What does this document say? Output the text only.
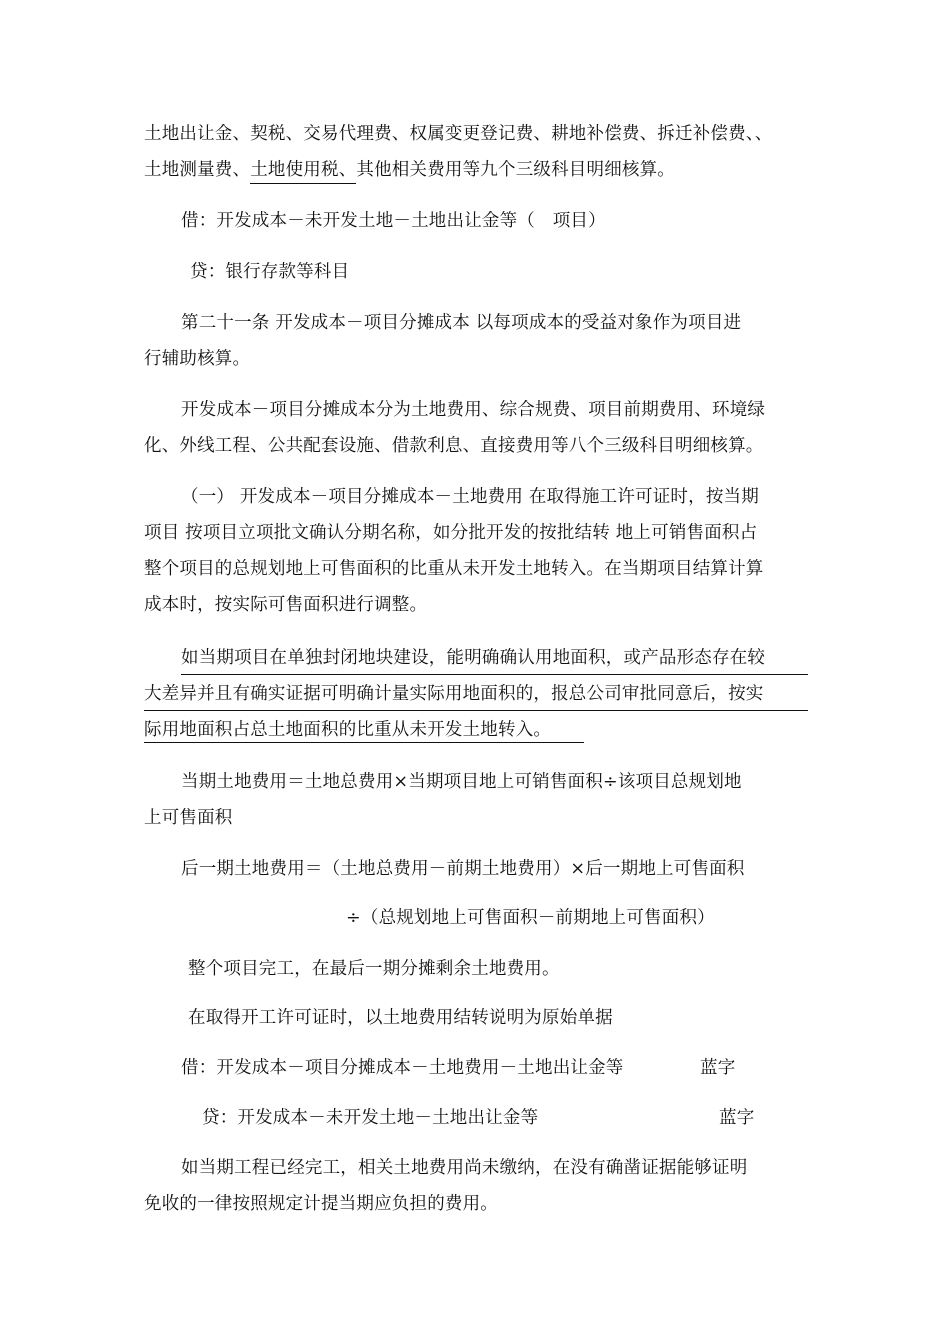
土地出让金、契税、交易代理费、权属变更登记费、耕地补偿费、拆迁补偿费、、
土地测量费、土地使用税、其他相关费用等九个三级科目明细核算。
借：开发成本－未开发土地－土地出让金等（　项目）
贷：银行存款等科目
第二十一条 开发成本－项目分摊成本 以每项成本的受益对象作为项目进
行辅助核算。
开发成本－项目分摊成本分为土地费用、综合规费、项目前期费用、环境绿
化、外线工程、公共配套设施、借款利息、直接费用等八个三级科目明细核算。
（一） 开发成本－项目分摊成本－土地费用 在取得施工许可证时，按当期
项目 按项目立项批文确认分期名称，如分批开发的按批结转 地上可销售面积占
整个项目的总规划地上可售面积的比重从未开发土地转入。在当期项目结算计算
成本时，按实际可售面积进行调整。
如当期项目在单独封闭地块建设，能明确确认用地面积，或产品形态存在较
大差异并且有确实证据可明确计量实际用地面积的，报总公司审批同意后，按实
际用地面积占总土地面积的比重从未开发土地转入。
当期土地费用＝土地总费用×当期项目地上可销售面积÷该项目总规划地
上可售面积
后一期土地费用＝（土地总费用－前期土地费用）×后一期地上可售面积
÷（总规划地上可售面积－前期地上可售面积）
整个项目完工，在最后一期分摊剩余土地费用。
在取得开工许可证时，以土地费用结转说明为原始单据
借：开发成本－项目分摊成本－土地费用－土地出让金等	蓝字
贷：开发成本－未开发土地－土地出让金等	蓝字
如当期工程已经完工，相关土地费用尚未缴纳，在没有确凿证据能够证明
免收的一律按照规定计提当期应负担的费用。
